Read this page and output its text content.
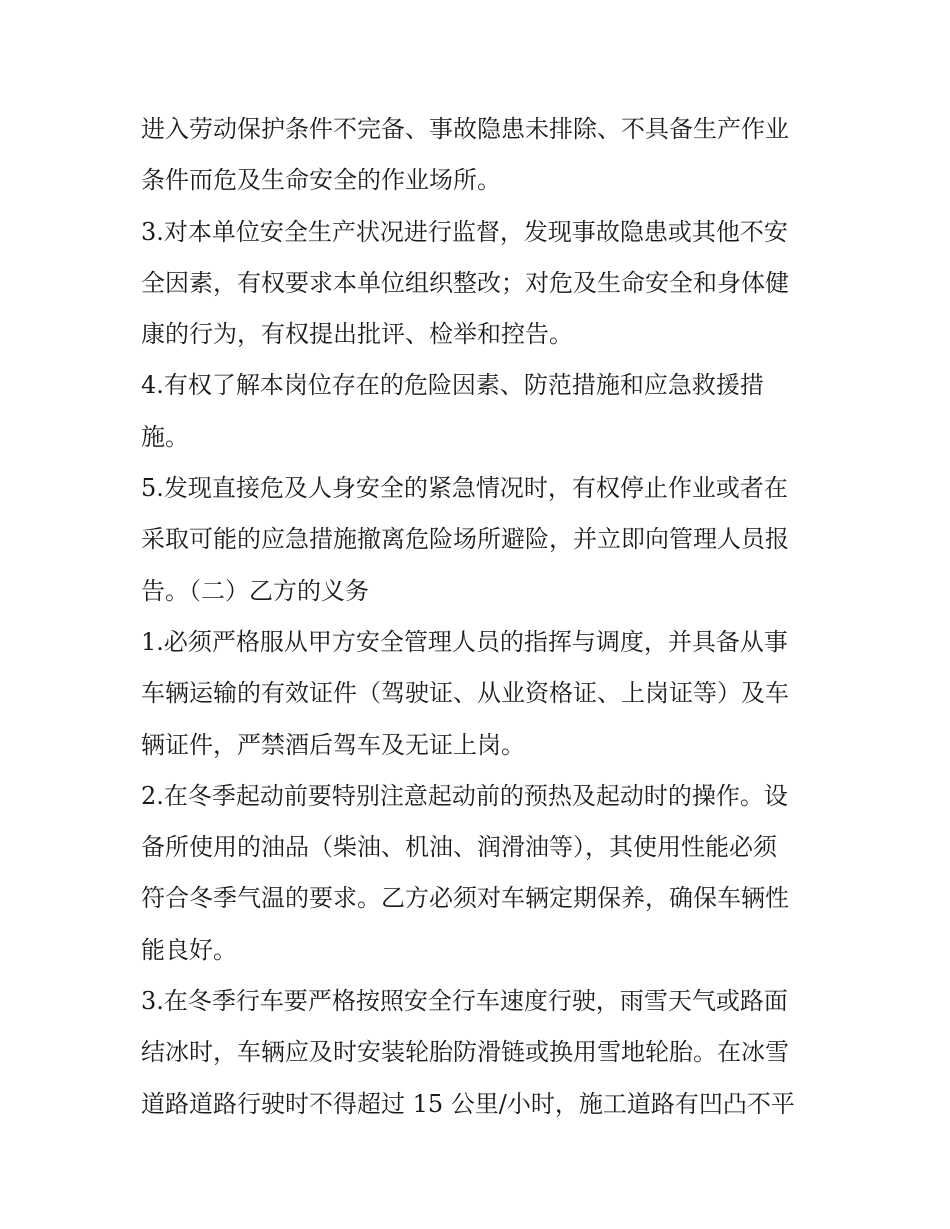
进入劳动保护条件不完备、事故隐患未排除、不具备生产作业
条件而危及生命安全的作业场所。
3.对本单位安全生产状况进行监督，发现事故隐患或其他不安
全因素，有权要求本单位组织整改；对危及生命安全和身体健
康的行为，有权提出批评、检举和控告。
4.有权了解本岗位存在的危险因素、防范措施和应急救援措
施。
5.发现直接危及人身安全的紧急情况时，有权停止作业或者在
采取可能的应急措施撤离危险场所避险，并立即向管理人员报
告。（二）乙方的义务
1.必须严格服从甲方安全管理人员的指挥与调度，并具备从事
车辆运输的有效证件（驾驶证、从业资格证、上岗证等）及车
辆证件，严禁酒后驾车及无证上岗。
2.在冬季起动前要特别注意起动前的预热及起动时的操作。设
备所使用的油品（柴油、机油、润滑油等），其使用性能必须
符合冬季气温的要求。乙方必须对车辆定期保养，确保车辆性
能良好。
3.在冬季行车要严格按照安全行车速度行驶，雨雪天气或路面
结冰时，车辆应及时安装轮胎防滑链或换用雪地轮胎。在冰雪
道路道路行驶时不得超过 15 公里/小时，施工道路有凹凸不平
